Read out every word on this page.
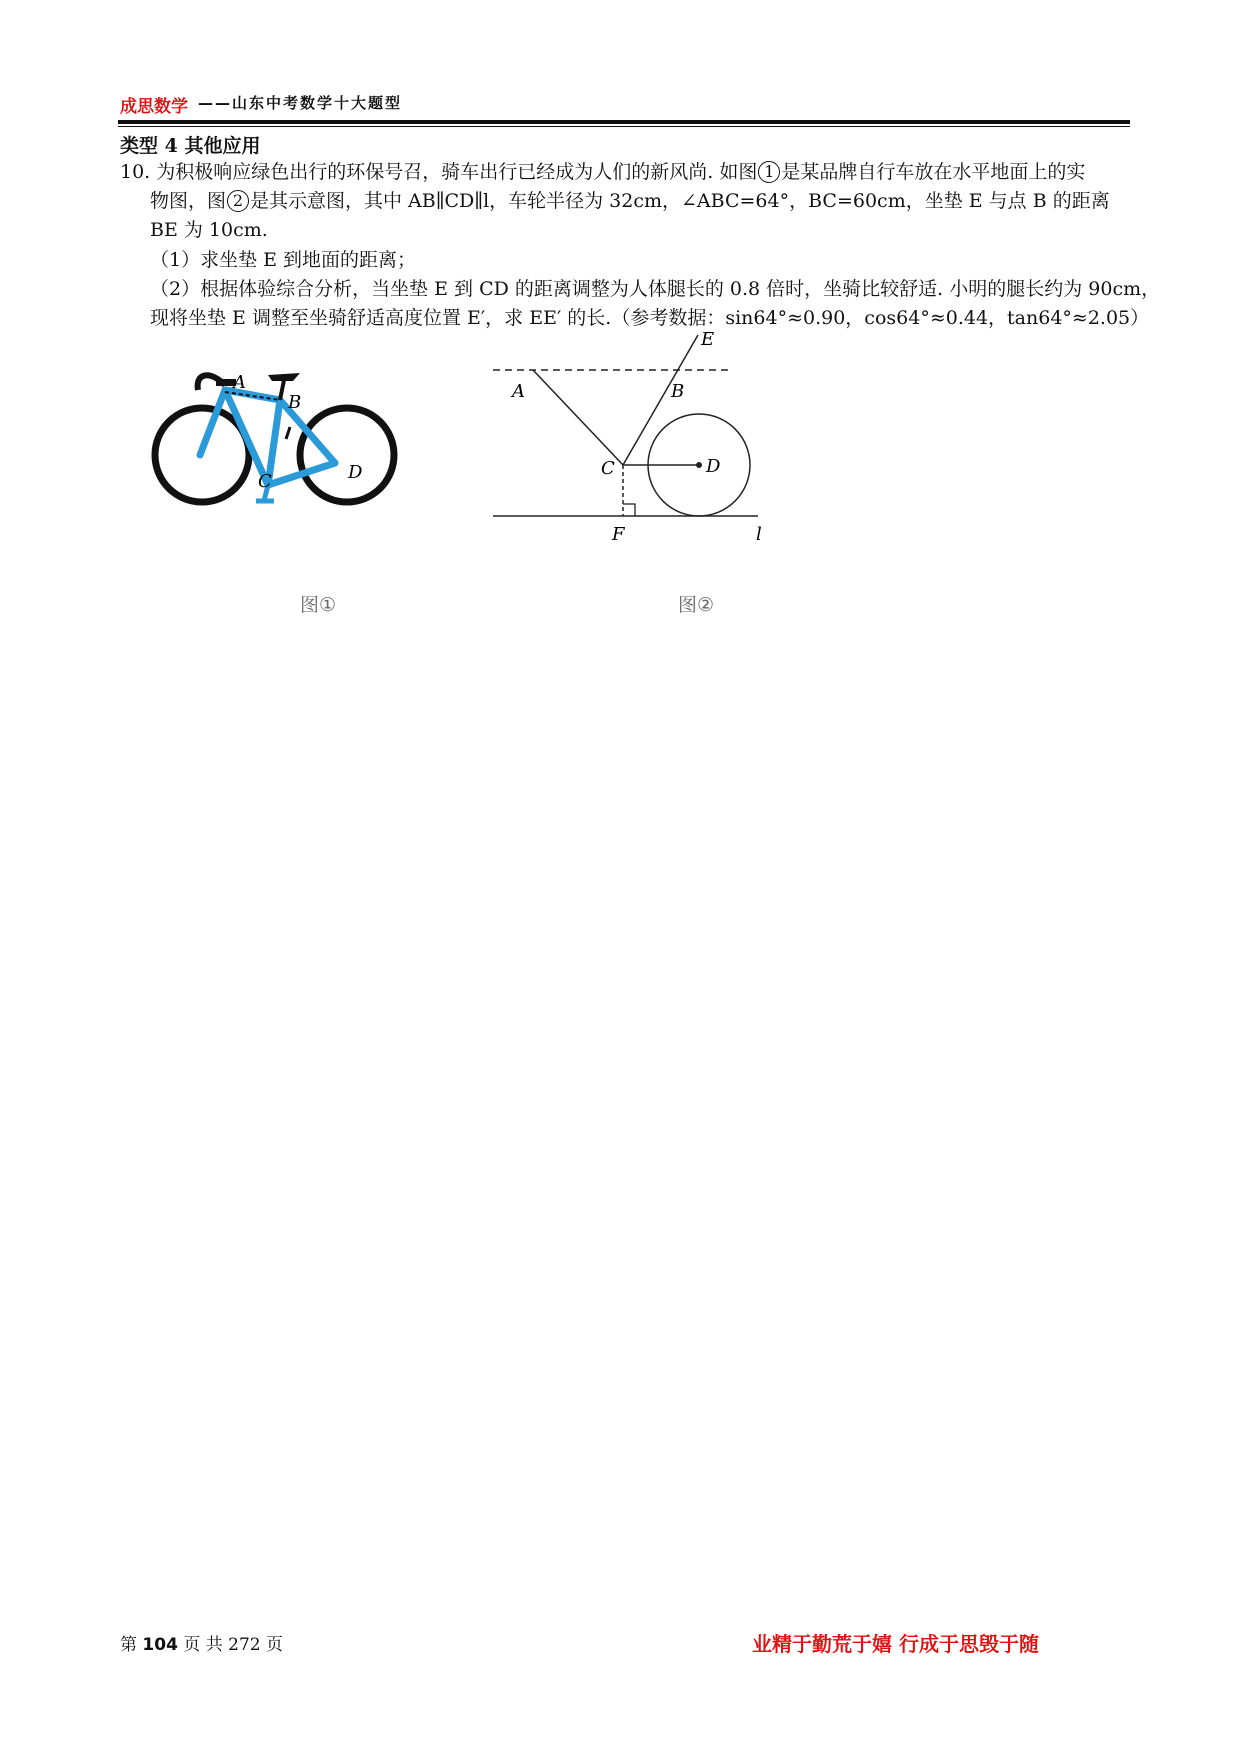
成思数学 ——山东中考数学十大题型
类型 4 其他应用
10. 为积极响应绿色出行的环保号召，骑车出行已经成为人们的新风尚. 如图 1 是某品牌自行车放在水平地面上的实
物图，图 2 是其示意图，其中 AB∥CD∥l，车轮半径为 32cm，∠ABC=64°，BC=60cm，坐垫 E 与点 B 的距离
BE 为 10cm.
（1）求坐垫 E 到地面的距离；
（2）根据体验综合分析，当坐垫 E 到 CD 的距离调整为人体腿长的 0.8 倍时，坐骑比较舒适. 小明的腿长约为 90cm，
现将坐垫 E 调整至坐骑舒适高度位置 E′，求 EE′ 的长.（参考数据：sin64°≈0.90，cos64°≈0.44，tan64°≈2.05）
A
B
C	D
图①
E
A	B
C	D
F	l
图②
第 104 页 共 272 页	业精于勤荒于嬉 行成于思毁于随
